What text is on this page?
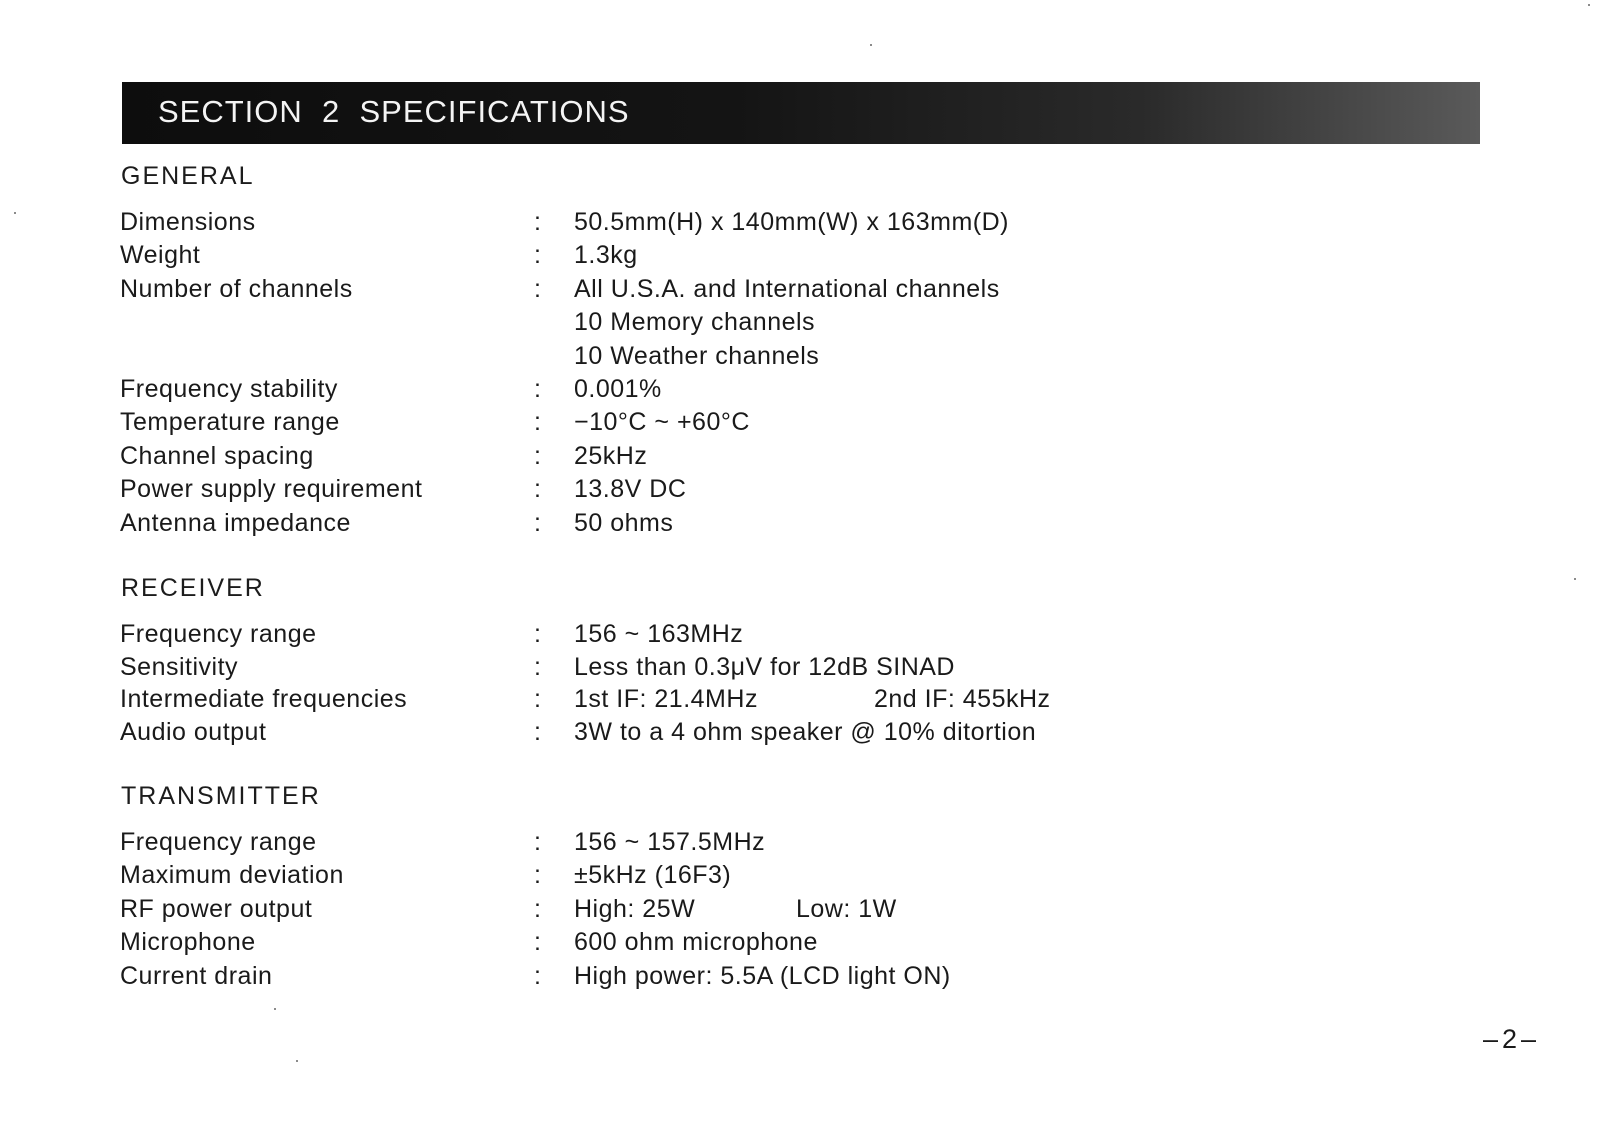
SECTION  2  SPECIFICATIONS
GENERAL
Dimensions	: 50.5mm(H) x 140mm(W) x 163mm(D)
Weight	: 1.3kg
Number of channels	: All U.S.A. and International channels
10 Memory channels
10 Weather channels
Frequency stability	: 0.001%
Temperature range	: −10°C ~ +60°C
Channel spacing	: 25kHz
Power supply requirement	: 13.8V DC
Antenna impedance	: 50 ohms
RECEIVER
Frequency range	: 156 ~ 163MHz
Sensitivity	: Less than 0.3μV for 12dB SINAD
Intermediate frequencies	: 1st IF: 21.4MHz	2nd IF: 455kHz
Audio output	: 3W to a 4 ohm speaker @ 10% ditortion
TRANSMITTER
Frequency range	: 156 ~ 157.5MHz
Maximum deviation	: ±5kHz (16F3)
RF power output	: High: 25W	Low: 1W
Microphone	: 600 ohm microphone
Current drain	: High power: 5.5A (LCD light ON)
–2–
